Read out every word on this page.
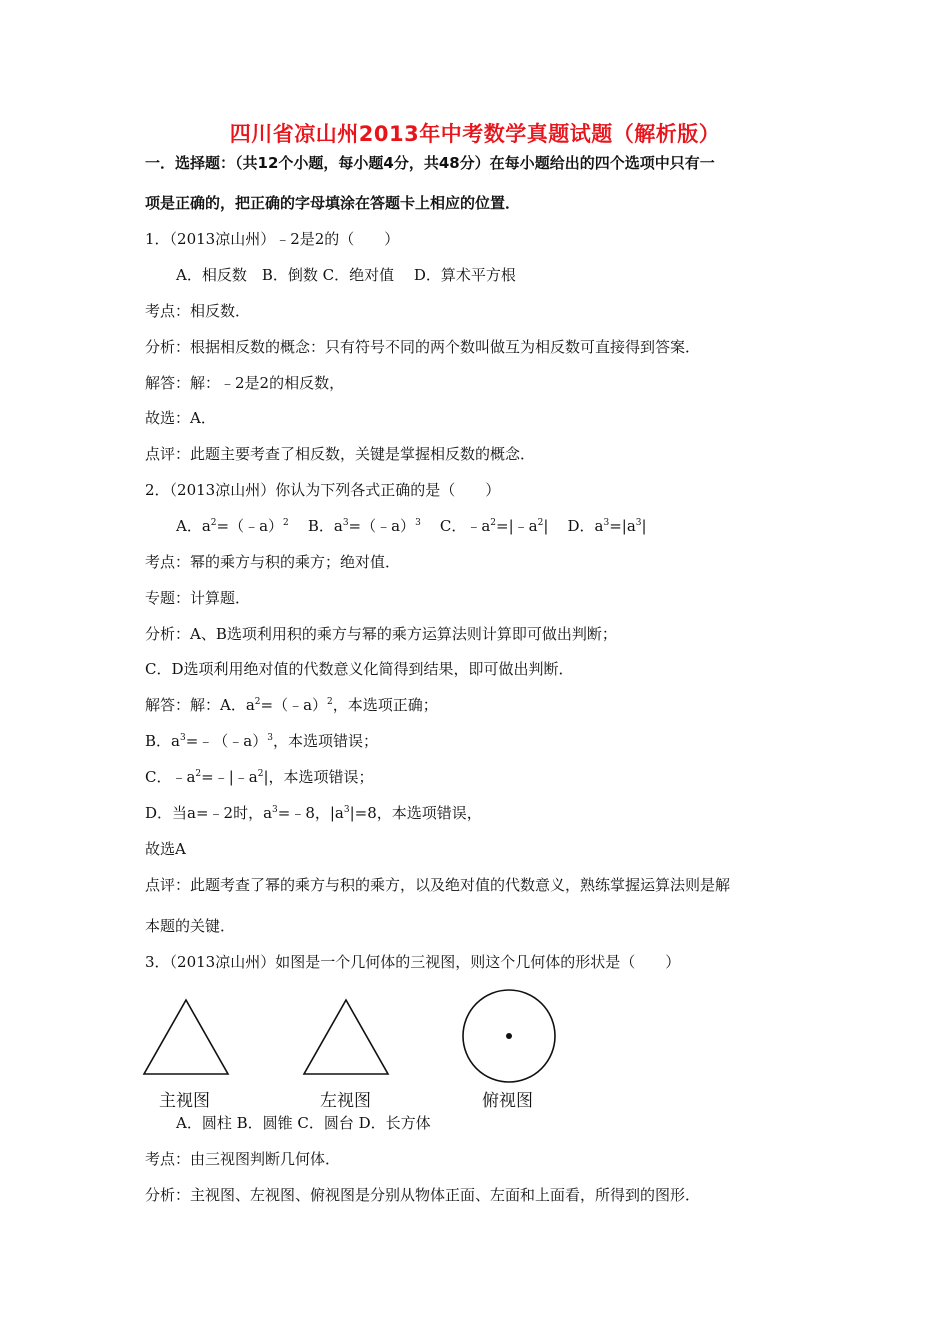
四川省凉山州2013年中考数学真题试题（解析版）
一．选择题：（共12个小题，每小题4分，共48分）在每小题给出的四个选项中只有一
项是正确的，把正确的字母填涂在答题卡上相应的位置．
1．（2013凉山州）﹣2是2的（　　）
A．相反数　B．倒数 C．绝对值　 D．算术平方根
考点：相反数．
分析：根据相反数的概念：只有符号不同的两个数叫做互为相反数可直接得到答案．
解答：解：﹣2是2的相反数，
故选：A．
点评：此题主要考查了相反数，关键是掌握相反数的概念．
2．（2013凉山州）你认为下列各式正确的是（　　）
A．$a^2=(﹣a)^2$ B．$a^3=(﹣a)^3$ C．$﹣a^2=|﹣a^2|$ D．$a^3=|a^3|$
考点：幂的乘方与积的乘方；绝对值．
专题：计算题．
分析：A、B选项利用积的乘方与幂的乘方运算法则计算即可做出判断；
C．D选项利用绝对值的代数意义化简得到结果，即可做出判断．
解答：解：A．$a^2=(﹣a)^2$，本选项正确；
B．$a^3=﹣(﹣a)^3$，本选项错误；
C．$﹣a^2=﹣|﹣a^2|$，本选项错误；
D．当a=﹣2时，$a^3=﹣8$，$|a^3|=8$，本选项错误，
故选A
点评：此题考查了幂的乘方与积的乘方，以及绝对值的代数意义，熟练掌握运算法则是解
本题的关键．
3．（2013凉山州）如图是一个几何体的三视图，则这个几何体的形状是（　　）
主视图	左视图	俯视图
A．圆柱 B．圆锥 C．圆台 D．长方体
考点：由三视图判断几何体．
分析：主视图、左视图、俯视图是分别从物体正面、左面和上面看，所得到的图形．
